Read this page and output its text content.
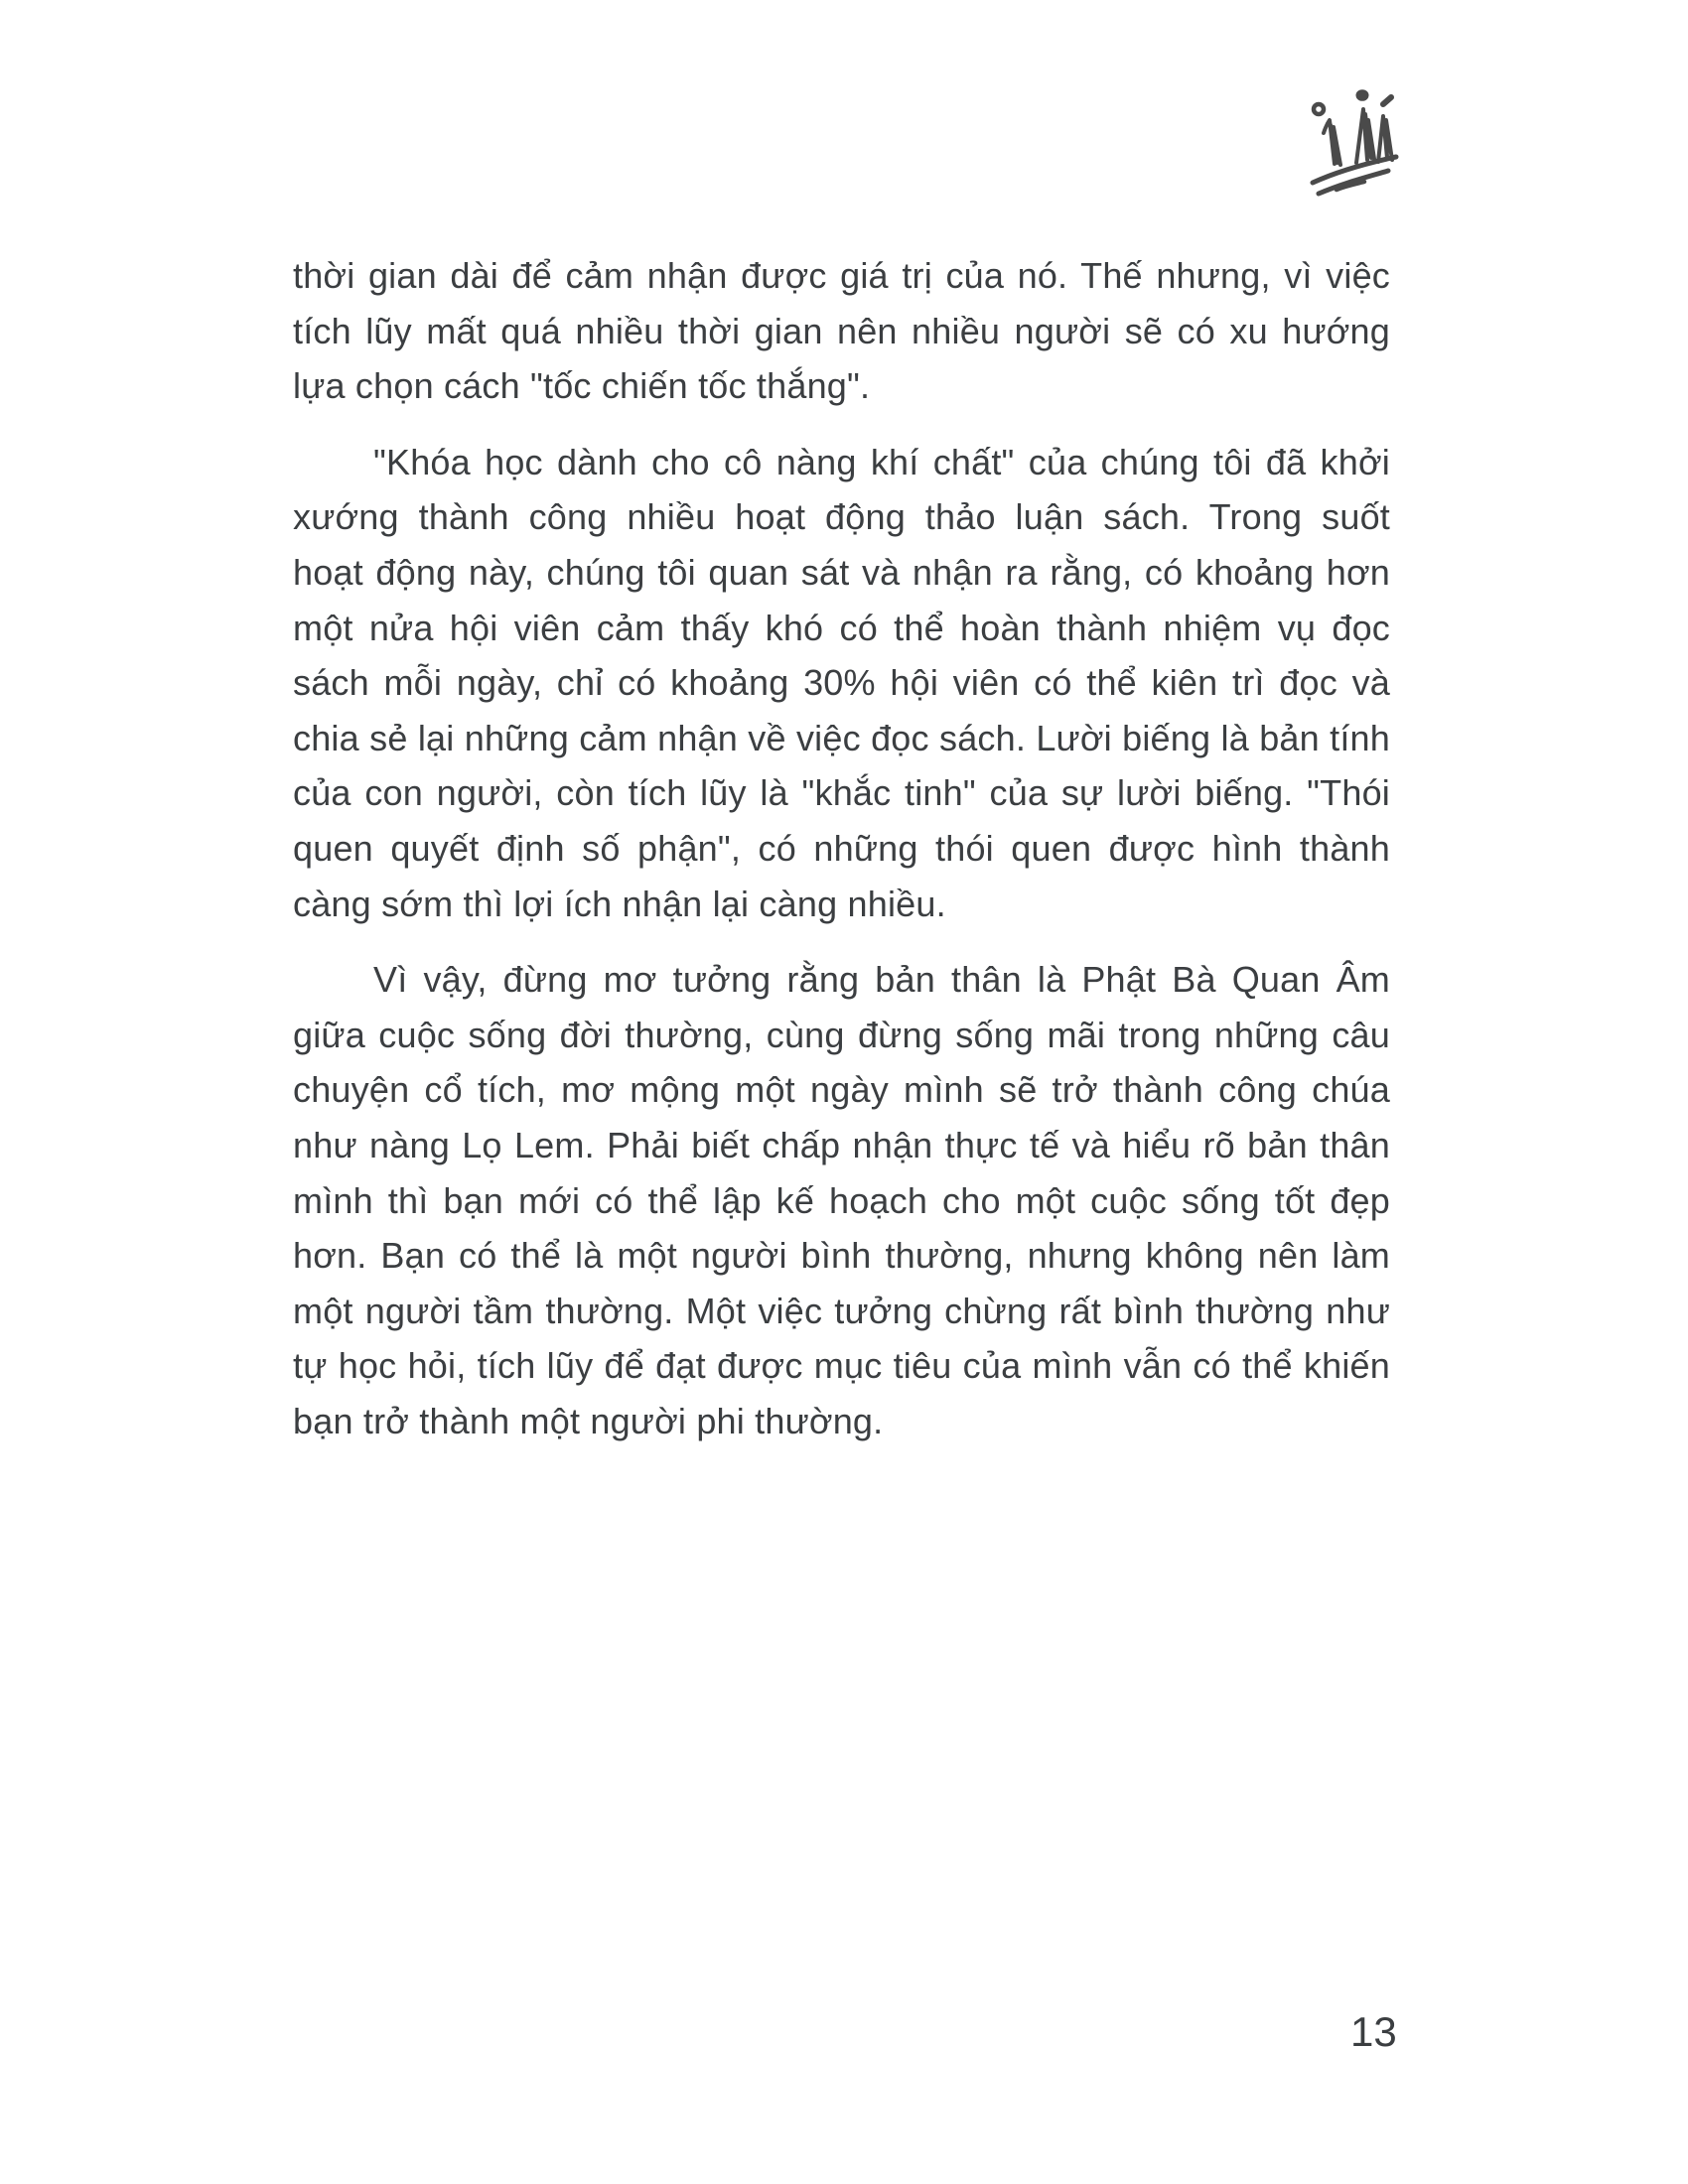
thời gian dài để cảm nhận được giá trị của nó. Thế nhưng, vì việc
tích lũy mất quá nhiều thời gian nên nhiều người sẽ có xu hướng
lựa chọn cách "tốc chiến tốc thắng".
"Khóa học dành cho cô nàng khí chất" của chúng tôi đã khởi
xướng thành công nhiều hoạt động thảo luận sách. Trong suốt
hoạt động này, chúng tôi quan sát và nhận ra rằng, có khoảng hơn
một nửa hội viên cảm thấy khó có thể hoàn thành nhiệm vụ đọc
sách mỗi ngày, chỉ có khoảng 30% hội viên có thể kiên trì đọc và
chia sẻ lại những cảm nhận về việc đọc sách. Lười biếng là bản tính
của con người, còn tích lũy là "khắc tinh" của sự lười biếng. "Thói
quen quyết định số phận", có những thói quen được hình thành
càng sớm thì lợi ích nhận lại càng nhiều.
Vì vậy, đừng mơ tưởng rằng bản thân là Phật Bà Quan Âm
giữa cuộc sống đời thường, cùng đừng sống mãi trong những câu
chuyện cổ tích, mơ mộng một ngày mình sẽ trở thành công chúa
như nàng Lọ Lem. Phải biết chấp nhận thực tế và hiểu rõ bản thân
mình thì bạn mới có thể lập kế hoạch cho một cuộc sống tốt đẹp
hơn. Bạn có thể là một người bình thường, nhưng không nên làm
một người tầm thường. Một việc tưởng chừng rất bình thường như
tự học hỏi, tích lũy để đạt được mục tiêu của mình vẫn có thể khiến
bạn trở thành một người phi thường.
13
